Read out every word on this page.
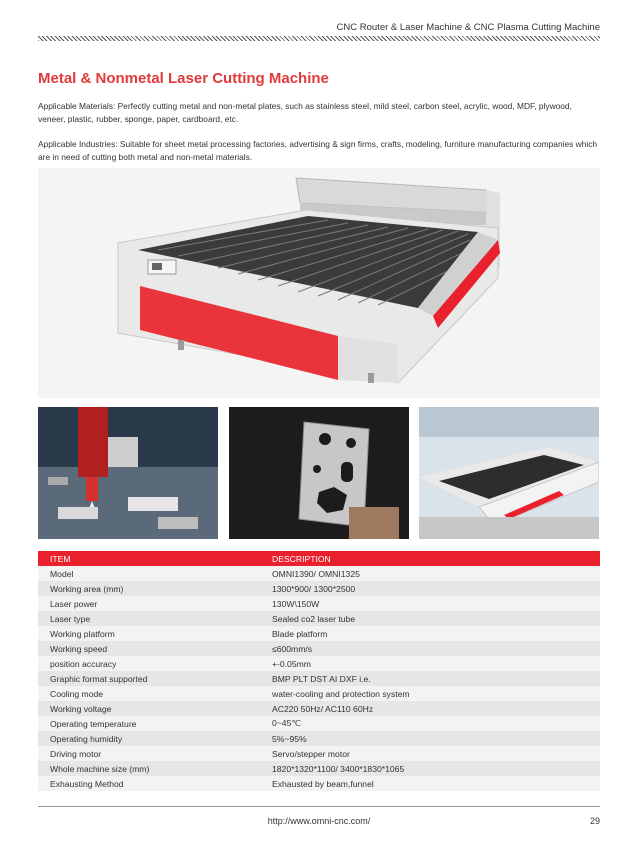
CNC Router & Laser Machine & CNC Plasma Cutting Machine
Metal & Nonmetal Laser Cutting Machine
Applicable Materials: Perfectly cutting metal and non-metal plates, such as stainless steel, mild steel, carbon steel, acrylic, wood, MDF, plywood, veneer, plastic, rubber, sponge, paper, cardboard, etc.
Applicable Industries: Suitable for sheet metal processing factories, advertising & sign firms, crafts, modeling, furniture manufacturing companies which are in need of cutting both metal and non-metal materials.
ITEM	DESCRIPTION
Model	OMNI1390/ OMNI1325
Working area (mm)	1300*900/ 1300*2500
Laser power	130W\150W
Laser type	Sealed co2 laser tube
Working platform	Blade platform
Working speed	≤600mm/s
position accuracy	+-0.05mm
Graphic format supported	BMP PLT DST AI DXF i.e.
Cooling mode	water-cooling and protection system
Working voltage	AC220 50Hz/ AC110 60Hz
Operating temperature	0~45℃
Operating humidity	5%~95%
Driving motor	Servo/stepper motor
Whole machine size (mm)	1820*1320*1100/ 3400*1830*1065
Exhausting Method	Exhausted by beam,funnel
http://www.omni-cnc.com/	29
